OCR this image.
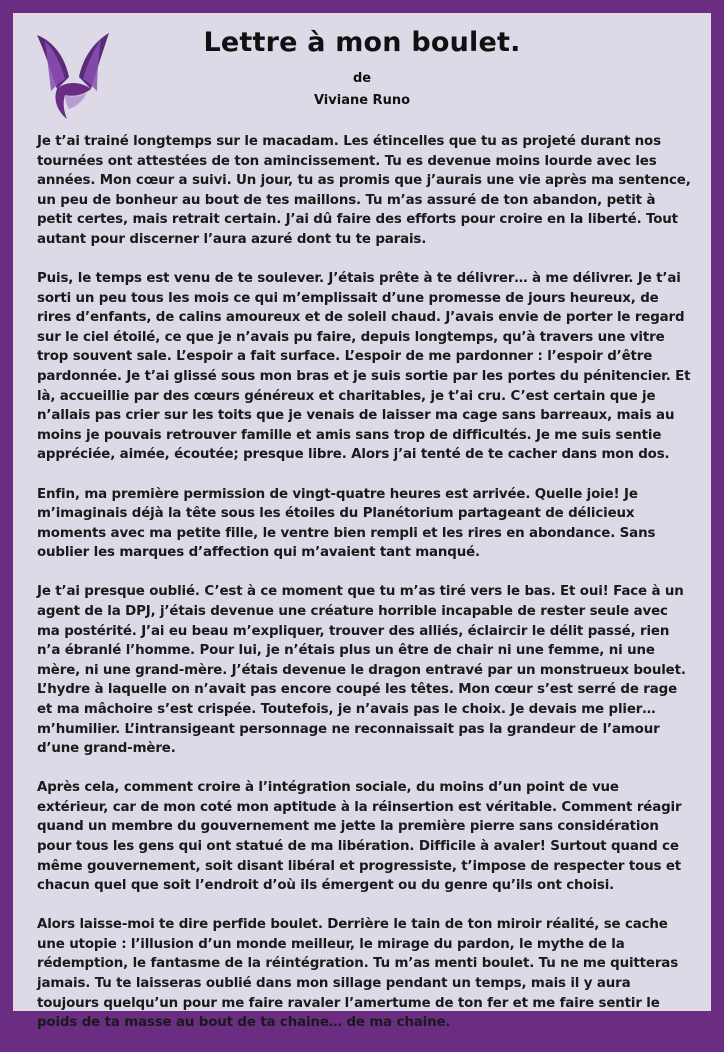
Lettre à mon boulet.
de
Viviane Runo

Je t’ai trainé longtemps sur le macadam. Les étincelles que tu as projeté durant nos tournées ont attestées de ton amincissement. Tu es devenue moins lourde avec les années. Mon cœur a suivi. Un jour, tu as promis que j’aurais une vie après ma sentence, un peu de bonheur au bout de tes maillons. Tu m’as assuré de ton abandon, petit à petit certes, mais retrait certain. J’ai dû faire des efforts pour croire en la liberté. Tout autant pour discerner l’aura azuré dont tu te parais.

Puis, le temps est venu de te soulever. J’étais prête à te délivrer… à me délivrer. Je t’ai sorti un peu tous les mois ce qui m’emplissait d’une promesse de jours heureux, de rires d’enfants, de calins amoureux et de soleil chaud. J’avais envie de porter le regard sur le ciel étoilé, ce que je n’avais pu faire, depuis longtemps, qu’à travers une vitre trop souvent sale. L’espoir a fait surface. L’espoir de me pardonner : l’espoir d’être pardonnée. Je t’ai glissé sous mon bras et je suis sortie par les portes du pénitencier. Et là, accueillie par des cœurs généreux et charitables, je t’ai cru. C’est certain que je n’allais pas crier sur les toits que je venais de laisser ma cage sans barreaux, mais au moins je pouvais retrouver famille et amis sans trop de difficultés. Je me suis sentie appréciée, aimée, écoutée; presque libre. Alors j’ai tenté de te cacher dans mon dos.

Enfin, ma première permission de vingt-quatre heures est arrivée. Quelle joie! Je m’imaginais déjà la tête sous les étoiles du Planétorium partageant de délicieux moments avec ma petite fille, le ventre bien rempli et les rires en abondance. Sans oublier les marques d’affection qui m’avaient tant manqué.

Je t’ai presque oublié. C’est à ce moment que tu m’as tiré vers le bas. Et oui! Face à un agent de la DPJ, j’étais devenue une créature horrible incapable de rester seule avec ma postérité. J’ai eu beau m’expliquer, trouver des alliés, éclaircir le délit passé, rien n’a ébranlé l’homme. Pour lui, je n’étais plus un être de chair ni une femme, ni une mère, ni une grand-mère. J’étais devenue le dragon entravé par un monstrueux boulet. L’hydre à laquelle on n’avait pas encore coupé les têtes. Mon cœur s’est serré de rage et ma mâchoire s’est crispée. Toutefois, je n’avais pas le choix. Je devais me plier… m’humilier. L’intransigeant personnage ne reconnaissait pas la grandeur de l’amour d’une grand-mère.

Après cela, comment croire à l’intégration sociale, du moins d’un point de vue extérieur, car de mon coté mon aptitude à la réinsertion est véritable. Comment réagir quand un membre du gouvernement me jette la première pierre sans considération pour tous les gens qui ont statué de ma libération. Difficile à avaler! Surtout quand ce même gouvernement, soit disant libéral et progressiste, t’impose de respecter tous et chacun quel que soit l’endroit d’où ils émergent ou du genre qu’ils ont choisi.

Alors laisse-moi te dire perfide boulet. Derrière le tain de ton miroir réalité, se cache une utopie : l’illusion d’un monde meilleur, le mirage du pardon, le mythe de la rédemption, le fantasme de la réintégration. Tu m’as menti boulet. Tu ne me quitteras jamais. Tu te laisseras oublié dans mon sillage pendant un temps, mais il y aura toujours quelqu’un pour me faire ravaler l’amertume de ton fer et me faire sentir le poids de ta masse au bout de ta chaine… de ma chaine.
